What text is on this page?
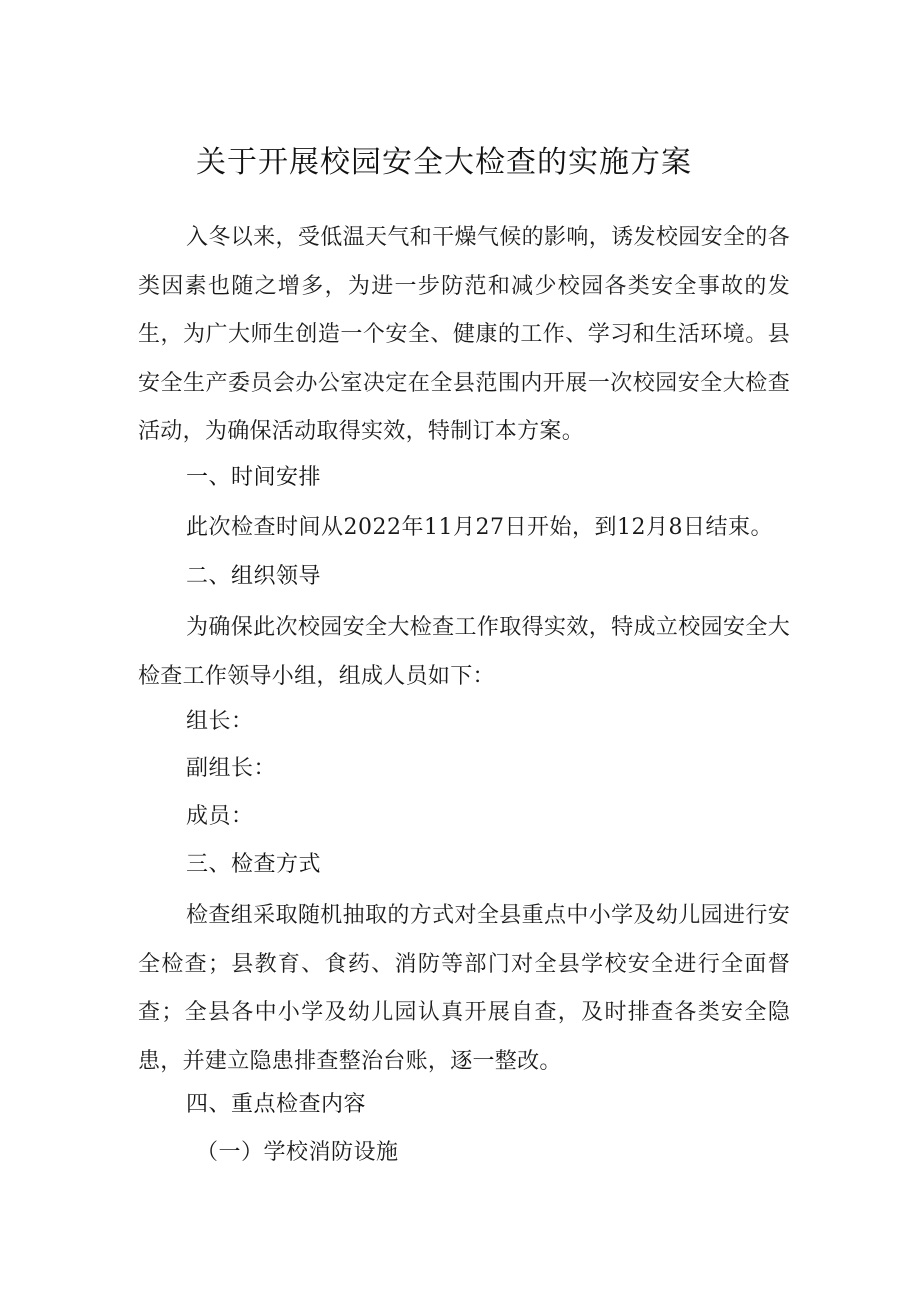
关于开展校园安全大检查的实施方案

入冬以来，受低温天气和干燥气候的影响，诱发校园安全的各类因素也随之增多，为进一步防范和减少校园各类安全事故的发生，为广大师生创造一个安全、健康的工作、学习和生活环境。县安全生产委员会办公室决定在全县范围内开展一次校园安全大检查活动，为确保活动取得实效，特制订本方案。

一、时间安排
此次检查时间从2022年11月27日开始，到12月8日结束。
二、组织领导

为确保此次校园安全大检查工作取得实效，特成立校园安全大检查工作领导小组，组成人员如下：

组长：
副组长：
成员：
三、检查方式

检查组采取随机抽取的方式对全县重点中小学及幼儿园进行安全检查；县教育、食药、消防等部门对全县学校安全进行全面督查；全县各中小学及幼儿园认真开展自查，及时排查各类安全隐患，并建立隐患排查整治台账，逐一整改。

四、重点检查内容
（一）学校消防设施
